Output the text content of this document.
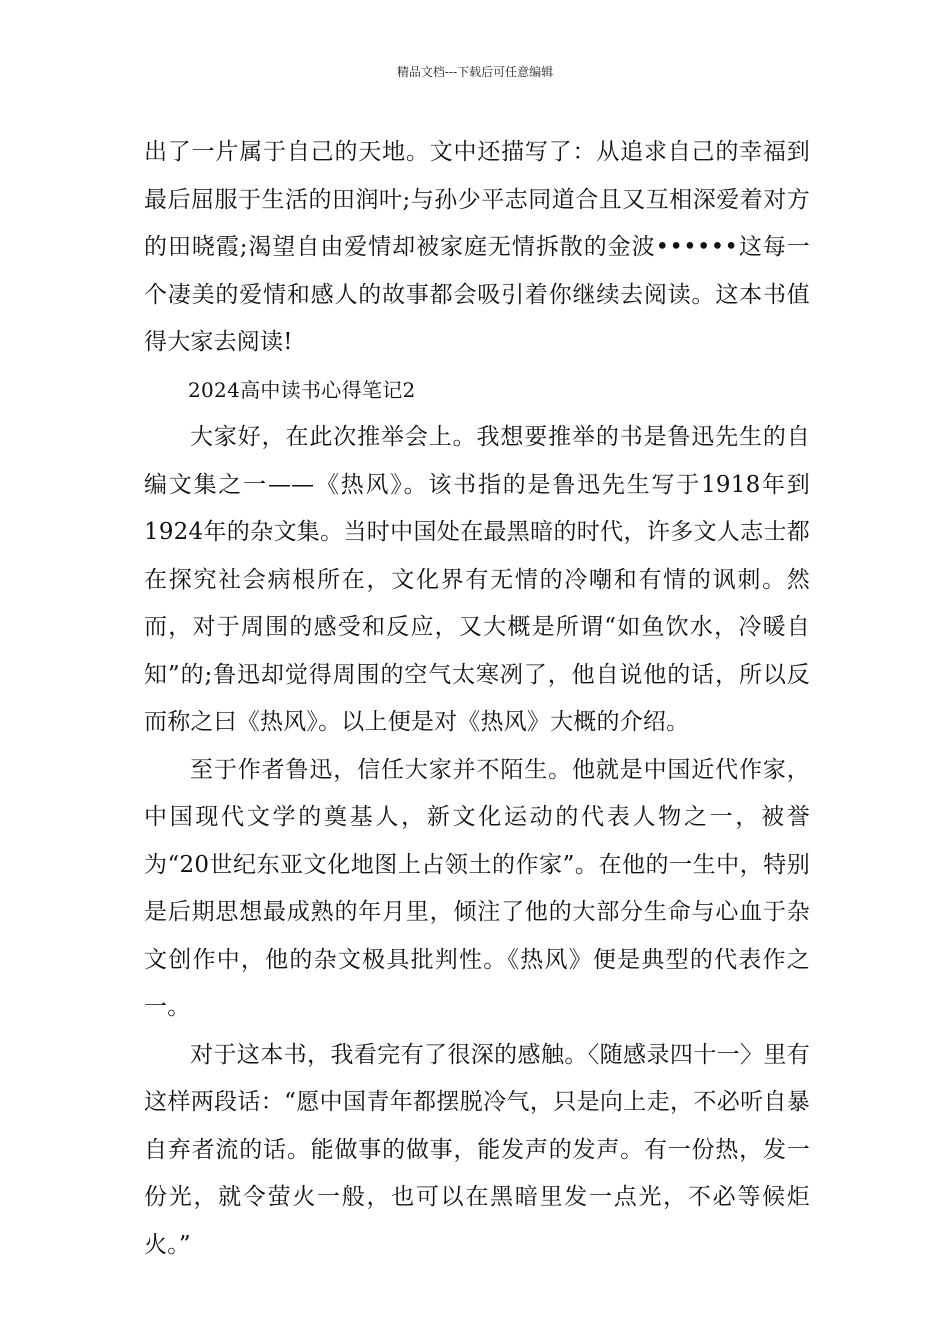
精品文档---下载后可任意编辑

出了一片属于自己的天地。文中还描写了：从追求自己的幸福到最后屈服于生活的田润叶;与孙少平志同道合且又互相深爱着对方的田晓霞;渴望自由爱情却被家庭无情拆散的金波••••••这每一个凄美的爱情和感人的故事都会吸引着你继续去阅读。这本书值得大家去阅读!

2024高中读书心得笔记2

大家好，在此次推举会上。我想要推举的书是鲁迅先生的自编文集之一——《热风》。该书指的是鲁迅先生写于1918年到1924年的杂文集。当时中国处在最黑暗的时代，许多文人志士都在探究社会病根所在，文化界有无情的冷嘲和有情的讽刺。然而，对于周围的感受和反应，又大概是所谓“如鱼饮水，冷暖自知”的;鲁迅却觉得周围的空气太寒冽了，他自说他的话，所以反而称之曰《热风》。以上便是对《热风》大概的介绍。

至于作者鲁迅，信任大家并不陌生。他就是中国近代作家，中国现代文学的奠基人，新文化运动的代表人物之一，被誉为“20世纪东亚文化地图上占领土的作家”。在他的一生中，特别是后期思想最成熟的年月里，倾注了他的大部分生命与心血于杂文创作中，他的杂文极具批判性。《热风》便是典型的代表作之一。

对于这本书，我看完有了很深的感触。〈随感录四十一〉里有这样两段话：“愿中国青年都摆脱冷气，只是向上走，不必听自暴自弃者流的话。能做事的做事，能发声的发声。有一份热，发一份光，就令萤火一般，也可以在黑暗里发一点光，不必等候炬火。”
